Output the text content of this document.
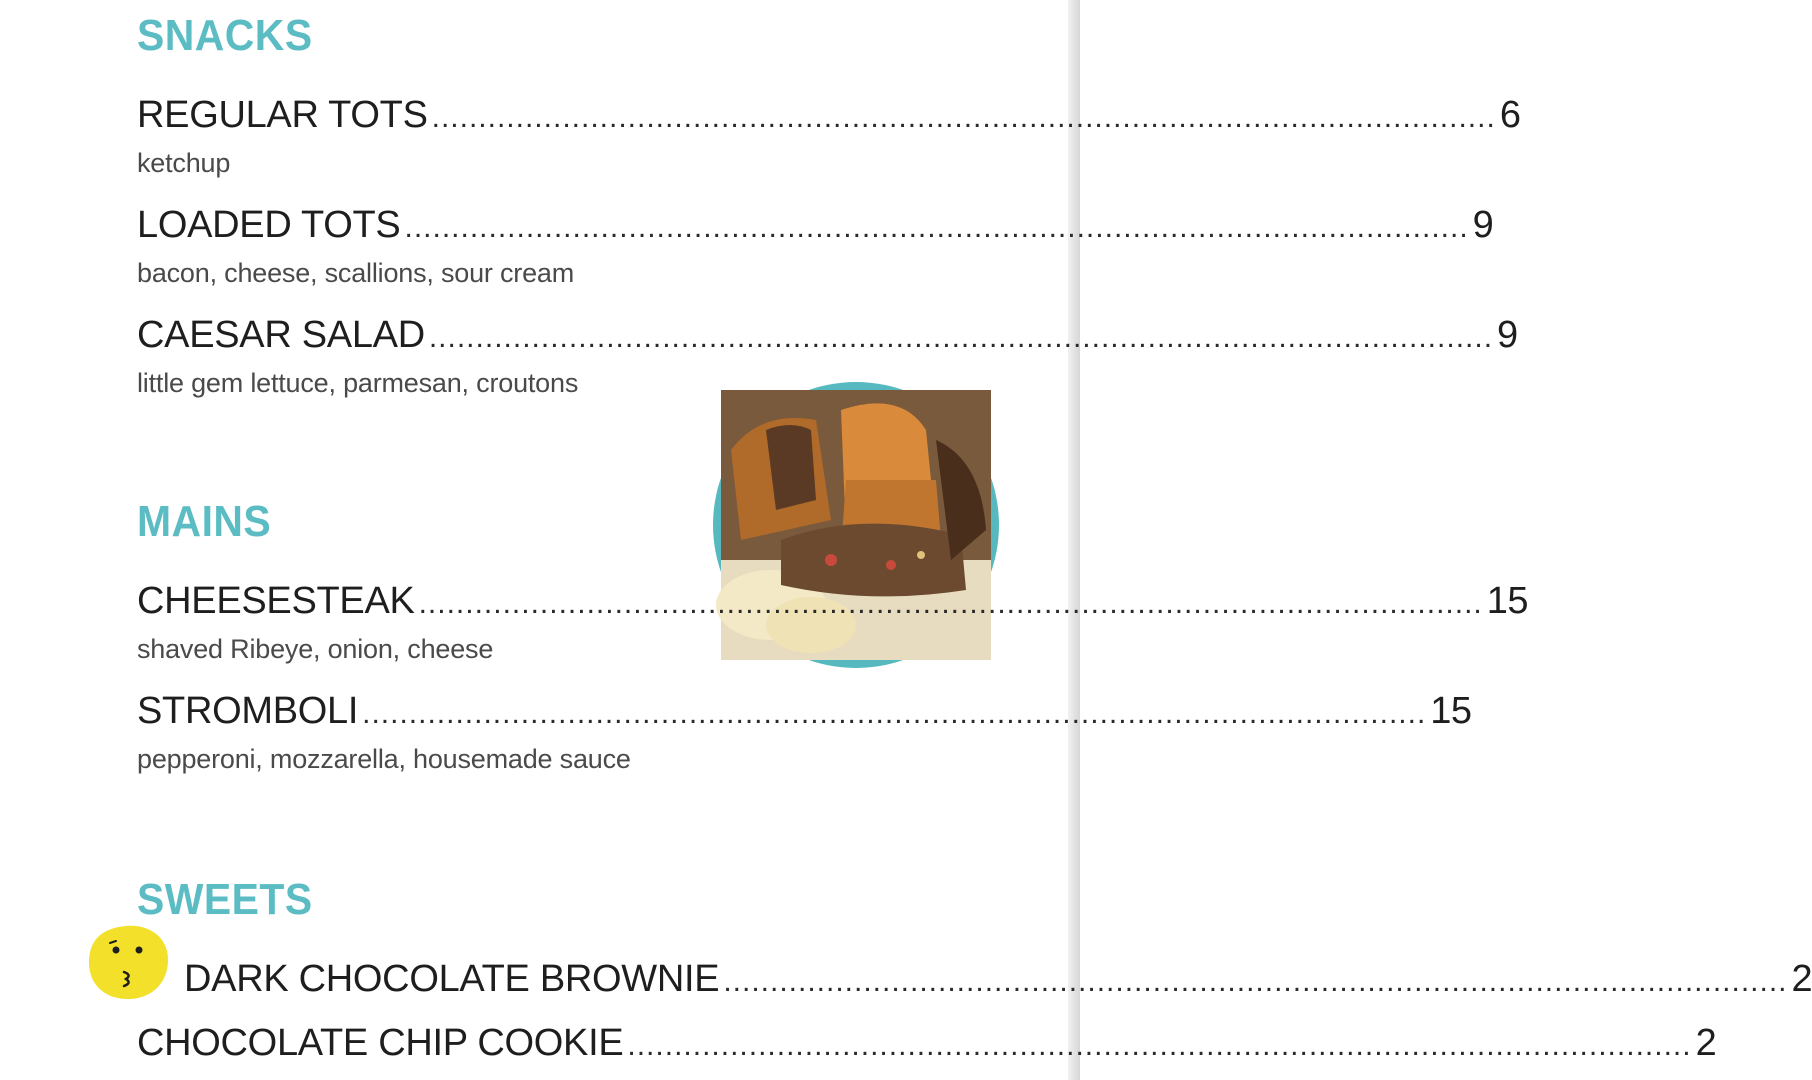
SNACKS
REGULAR TOTS .................................................................................................................. 6
ketchup
LOADED TOTS .................................................................................................................. 9
bacon, cheese, scallions, sour cream
CAESAR SALAD .................................................................................................................. 9
little gem lettuce, parmesan, croutons
MAINS
CHEESESTEAK .................................................................................................................. 15
shaved Ribeye, onion, cheese
STROMBOLI .................................................................................................................. 15
pepperoni, mozzarella, housemade sauce
SWEETS
DARK CHOCOLATE BROWNIE .................................................................................................................. 2
CHOCOLATE CHIP COOKIE .................................................................................................................. 2
